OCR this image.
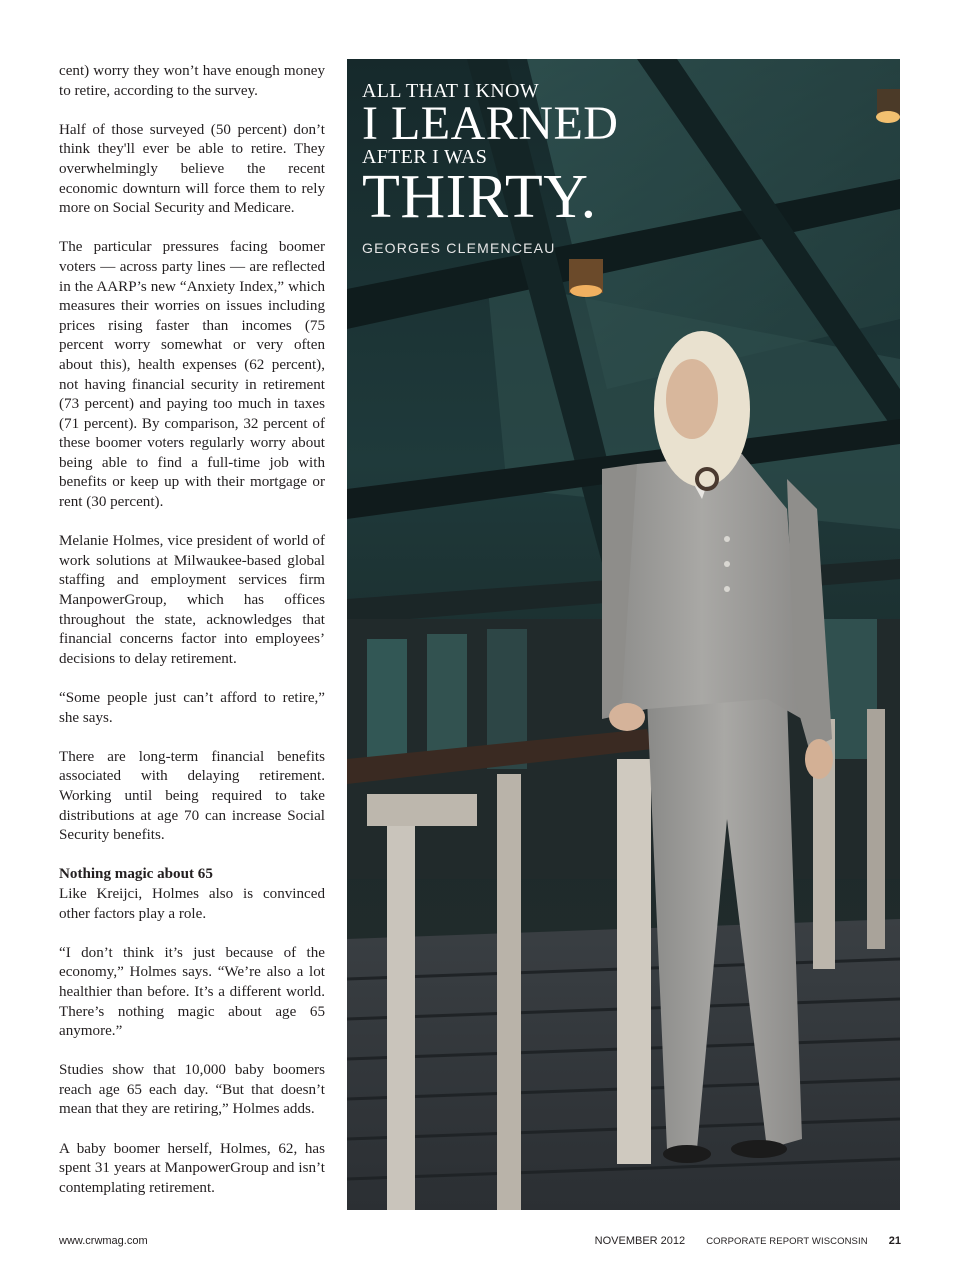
cent) worry they won’t have enough money to retire, according to the survey.

Half of those surveyed (50 percent) don’t think they'll ever be able to retire. They overwhelmingly believe the recent economic downturn will force them to rely more on Social Security and Medicare.

The particular pressures facing boomer voters — across party lines — are reflected in the AARP’s new “Anxiety Index,” which measures their worries on issues including prices rising faster than incomes (75 percent worry somewhat or very often about this), health expenses (62 percent), not having financial security in retirement (73 percent) and paying too much in taxes (71 percent). By comparison, 32 percent of these boomer voters regularly worry about being able to find a full-time job with benefits or keep up with their mortgage or rent (30 percent).

Melanie Holmes, vice president of world of work solutions at Milwaukee-based global staffing and employment services firm ManpowerGroup, which has offices throughout the state, acknowledges that financial concerns factor into employees’ decisions to delay retirement.

“Some people just can’t afford to retire,” she says.

There are long-term financial benefits associated with delaying retirement. Working until being required to take distributions at age 70 can increase Social Security benefits.

Nothing magic about 65

Like Kreijci, Holmes also is convinced other factors play a role.

“I don’t think it’s just because of the economy,” Holmes says. “We’re also a lot healthier than before. It’s a different world. There’s nothing magic about age 65 anymore.”

Studies show that 10,000 baby boomers reach age 65 each day. “But that doesn’t mean that they are retiring,” Holmes adds.

A baby boomer herself, Holmes, 62, has spent 31 years at ManpowerGroup and isn’t contemplating retirement.

ALL THAT I KNOW
I LEARNED
AFTER I WAS
THIRTY.
GEORGES CLEMENCEAU
www.crwmag.com	NOVEMBER 2012 CORPORATE REPORT WISCONSIN 21
